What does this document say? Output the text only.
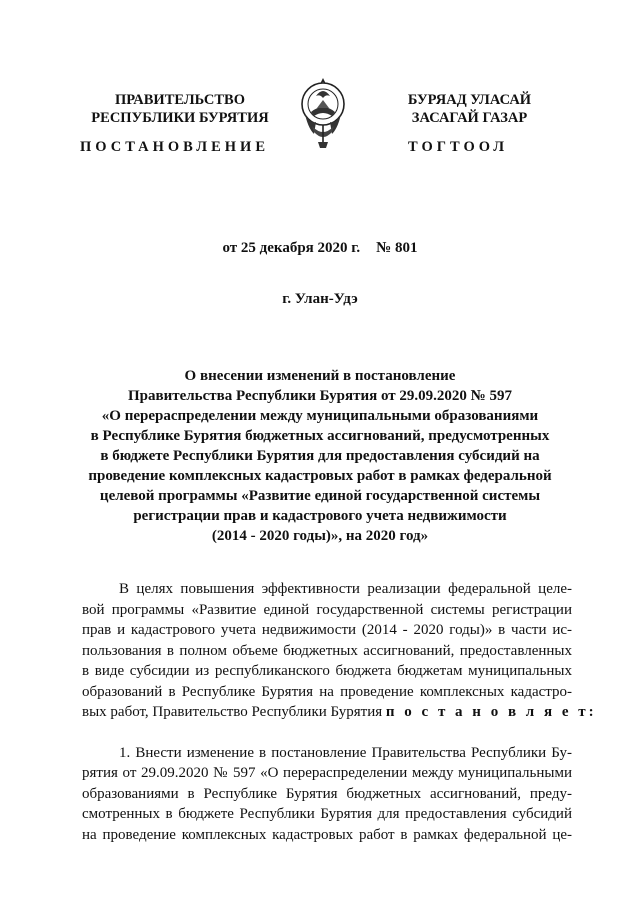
ПРАВИТЕЛЬСТВО
РЕСПУБЛИКИ БУРЯТИЯ
БУРЯАД УЛАСАЙ
ЗАСАГАЙ ГАЗАР
ПОСТАНОВЛЕНИЕ	ТОГТООЛ
от 25 декабря 2020 г. № 801
г. Улан-Удэ
О внесении изменений в постановление
Правительства Республики Бурятия от 29.09.2020 № 597
«О перераспределении между муниципальными образованиями
в Республике Бурятия бюджетных ассигнований, предусмотренных
в бюджете Республики Бурятия для предоставления субсидий на
проведение комплексных кадастровых работ в рамках федеральной
целевой программы «Развитие единой государственной системы
регистрации прав и кадастрового учета недвижимости
(2014 - 2020 годы)», на 2020 год»
В целях повышения эффективности реализации федеральной целе-
вой программы «Развитие единой государственной системы регистрации
прав и кадастрового учета недвижимости (2014 - 2020 годы)» в части ис-
пользования в полном объеме бюджетных ассигнований, предоставленных
в виде субсидии из республиканского бюджета бюджетам муниципальных
образований в Республике Бурятия на проведение комплексных кадастро-
вых работ, Правительство Республики Бурятия п о с т а н о в л я е т:
1. Внести изменение в постановление Правительства Республики Бу-
рятия от 29.09.2020 № 597 «О перераспределении между муниципальными
образованиями в Республике Бурятия бюджетных ассигнований, преду-
смотренных в бюджете Республики Бурятия для предоставления субсидий
на проведение комплексных кадастровых работ в рамках федеральной це-
